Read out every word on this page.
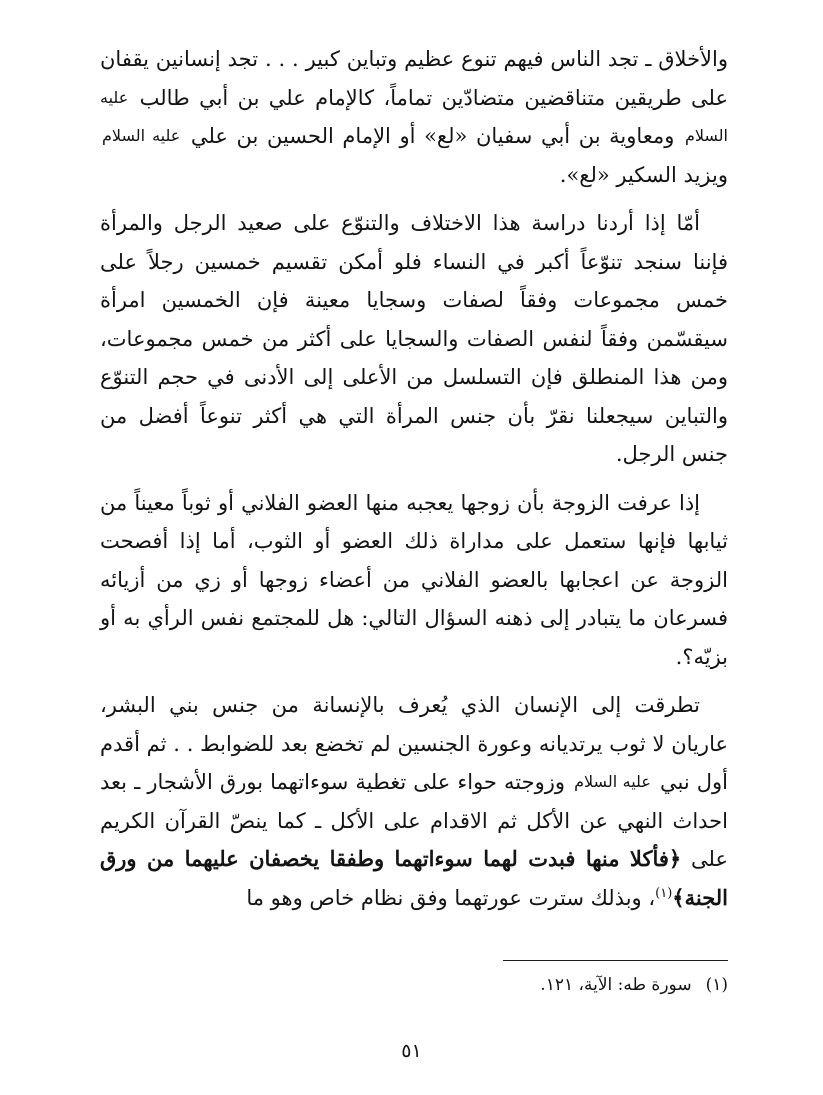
والأخلاق ـ تجد الناس فيهم تنوع عظيم وتباين كبير . . . تجد إنسانين يقفان على طريقين متناقضين متضادّين تماماً، كالإمام علي بن أبي طالب عليه السلام ومعاوية بن أبي سفيان «لع» أو الإمام الحسين بن علي عليه السلام ويزيد السكير «لع».

أمّا إذا أردنا دراسة هذا الاختلاف والتنوّع على صعيد الرجل والمرأة فإننا سنجد تنوّعاً أكبر في النساء فلو أمكن تقسيم خمسين رجلاً على خمس مجموعات وفقاً لصفات وسجايا معينة فإن الخمسين امرأة سيقسّمن وفقاً لنفس الصفات والسجايا على أكثر من خمس مجموعات، ومن هذا المنطلق فإن التسلسل من الأعلى إلى الأدنى في حجم التنوّع والتباين سيجعلنا نقرّ بأن جنس المرأة التي هي أكثر تنوعاً أفضل من جنس الرجل.

إذا عرفت الزوجة بأن زوجها يعجبه منها العضو الفلاني أو ثوباً معيناً من ثيابها فإنها ستعمل على مداراة ذلك العضو أو الثوب، أما إذا أفصحت الزوجة عن اعجابها بالعضو الفلاني من أعضاء زوجها أو زي من أزيائه فسرعان ما يتبادر إلى ذهنه السؤال التالي: هل للمجتمع نفس الرأي به أو بزيّه؟.

تطرقت إلى الإنسان الذي يُعرف بالإنسانة من جنس بني البشر، عاريان لا ثوب يرتديانه وعورة الجنسين لم تخضع بعد للضوابط . . ثم أقدم أول نبي عليه السلام وزوجته حواء على تغطية سوءاتهما بورق الأشجار ـ بعد احداث النهي عن الأكل ثم الاقدام على الأكل ـ كما ينصّ القرآن الكريم على ﴿فأكلا منها فبدت لهما سوءاتهما وطفقا يخصفان عليهما من ورق الجنة﴾$^{(١)}$، وبذلك سترت عورتهما وفق نظام خاص وهو ما

(١)سورة طه: الآية، ١٢١.
٥١
